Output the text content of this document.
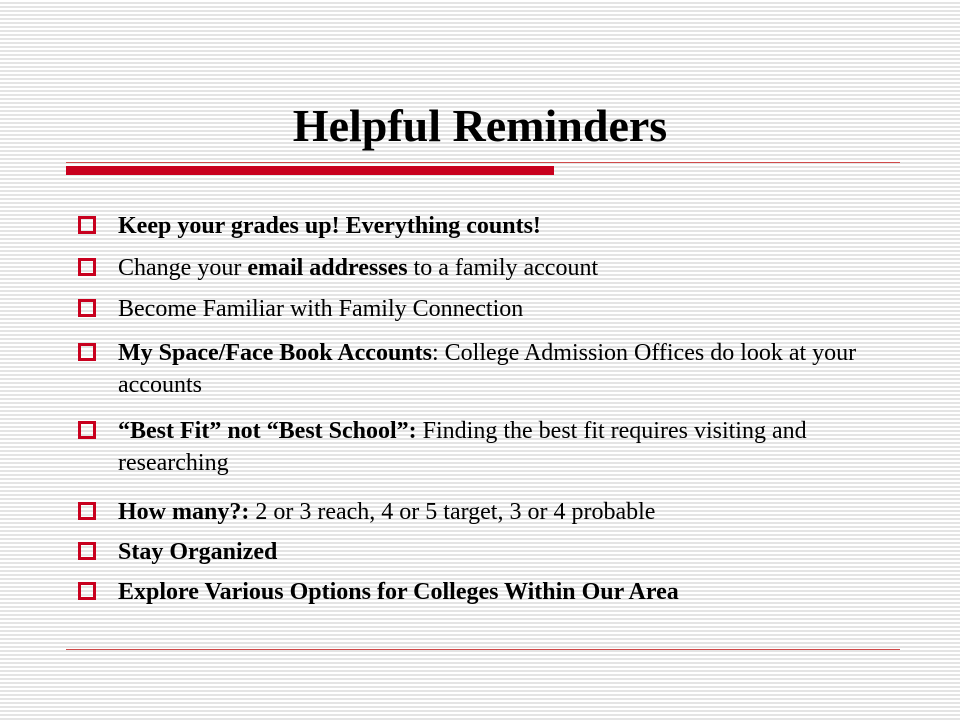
Helpful Reminders
Keep your grades up! Everything counts!
Change your email addresses to a family account
Become Familiar with Family Connection
My Space/Face Book Accounts: College Admission Offices do look at your accounts
“Best Fit” not “Best School”: Finding the best fit requires visiting and researching
How many?: 2 or 3 reach, 4 or 5 target, 3 or 4 probable
Stay Organized
Explore Various Options for Colleges Within Our Area
